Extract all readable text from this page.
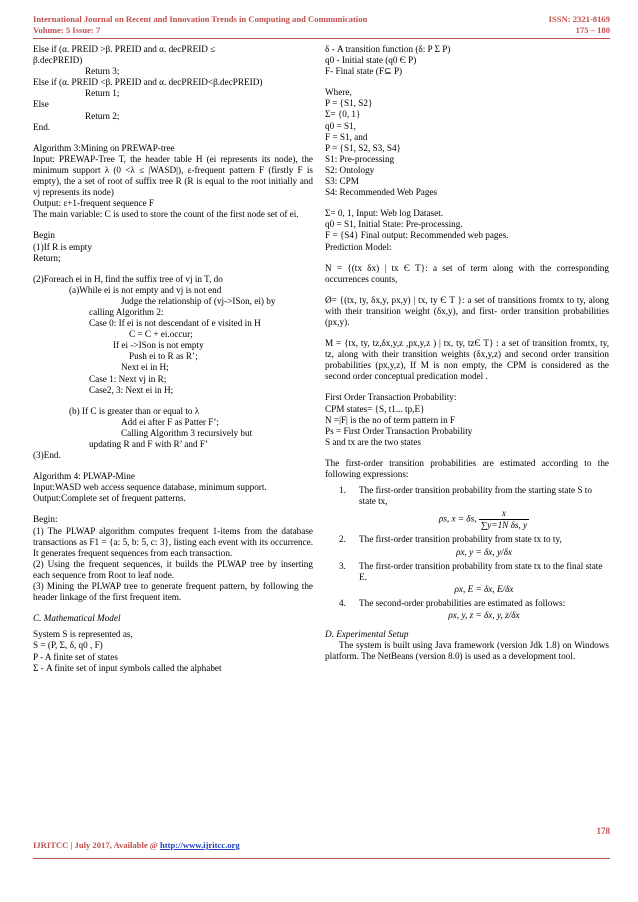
International Journal on Recent and Innovation Trends in Computing and Communication
Volume: 5 Issue: 7
ISSN: 2321-8169
175 – 180

Else if (α. PREID >β. PREID and α. decPREID ≤

β.decPREID)

Return 3;

Else if (α. PREID <β. PREID and α. decPREID<β.decPREID)

Return 1;

Else

Return 2;

End.

Algorithm 3:Mining on PREWAP-tree

Input: PREWAP-Tree T, the header table H (ei represents its node), the minimum support λ (0 <λ ≤ |WASD|), ε-frequent pattern F (firstly F is empty), the a set of root of suffix tree R (R is equal to the root initially and vj represents its node)

Output: ε+1-frequent sequence F

The main variable: C is used to store the count of the first node set of ei.

Begin

(1)If R is empty

Return;

(2)Foreach ei in H, find the suffix tree of vj in T, do

(a)While ei is not empty and vj is not end

Judge the relationship of (vj->ISon, ei) by

calling Algorithm 2:

Case 0: If ei is not descendant of e visited in H

C = C + ei.occur;

If ei ->ISon is not empty

Push ei to R as R’;

Next ei in H;

Case 1: Next vj in R;

Case2, 3: Next ei in H;

(b) If C is greater than or equal to λ

Add ei after F as Patter F’;

Calling Algorithm 3 recursively but

updating R and F with R’ and F’

(3)End.

Algorithm 4: PLWAP-Mine

Input:WASD web access sequence database, minimum support.

Output:Complete set of frequent patterns.

Begin:

(1) The PLWAP algorithm computes frequent 1-items from the database transactions as F1 = {a: 5, b: 5, c: 3}, listing each event with its occurrence. It generates frequent sequences from each transaction.

(2) Using the frequent sequences, it builds the PLWAP tree by inserting each sequence from Root to leaf node.

(3) Mining the PLWAP tree to generate frequent pattern, by following the header linkage of the first frequent item.

C. Mathematical Model

System S is represented as,

S = (P, Σ, δ, q0 , F)

P - A finite set of states

Σ - A finite set of input symbols called the alphabet

δ - A transition function (δ: P Σ P)

q0 - Initial state (q0 Є P)

F- Final state (F⊆ P)

Where,

P = {S1, S2}

Σ= {0, 1}

q0 = S1,

F = S1, and

P = {S1, S2, S3, S4}

S1: Pre-processing

S2: Ontology

S3: CPM

S4: Recommended Web Pages

Σ= 0, 1, Input: Web log Dataset.

q0 = S1, Initial State: Pre-processing.

F = {S4} Final output: Recommended web pages.

Prediction Model:

N = {(tx δx) | tx Є T}: a set of term along with the corresponding occurrences counts,

Ø= {(tx, ty, δx,y, px,y) | tx, ty Є T }: a set of transitions fromtx to ty, along with their transition weight (δx,y), and first- order transition probabilities (px,y).

M = {tx, ty, tz,δx,y,z ,px,y,z ) | tx, ty, tzЄ T} : a set of transition fromtx, ty, tz, along with their transition weights (δx,y,z) and second order transition probabilities (px,y,z), If M is non empty, the CPM is considered as the second order conceptual predication model .

First Order Transaction Probability:

CPM states= {S, t1... tp,E}

N =|F| is the no of term pattern in F

Ps = First Order Transaction Probability

S and tx are the two states

The first-order transition probabilities are estimated according to the following expressions:

1. The first-order transition probability from the starting state S to state tx,
ρs, x = δs, $\frac{x}{\text{∑y=1N δs, y}}$
2. The first-order transition probability from state tx to ty,
ρx, y = δx, y/δx
3. The first-order transition probability from state tx to the final state E.
ρx, E = δx, E/δx
4. The second-order probabilities are estimated as follows:
ρx, y, z = δx, y, z/δx

D. Experimental Setup

The system is built using Java framework (version Jdk 1.8) on Windows platform. The NetBeans (version 8.0) is used as a development tool.

178
IJRITCC | July 2017, Available @ http://www.ijritcc.org
